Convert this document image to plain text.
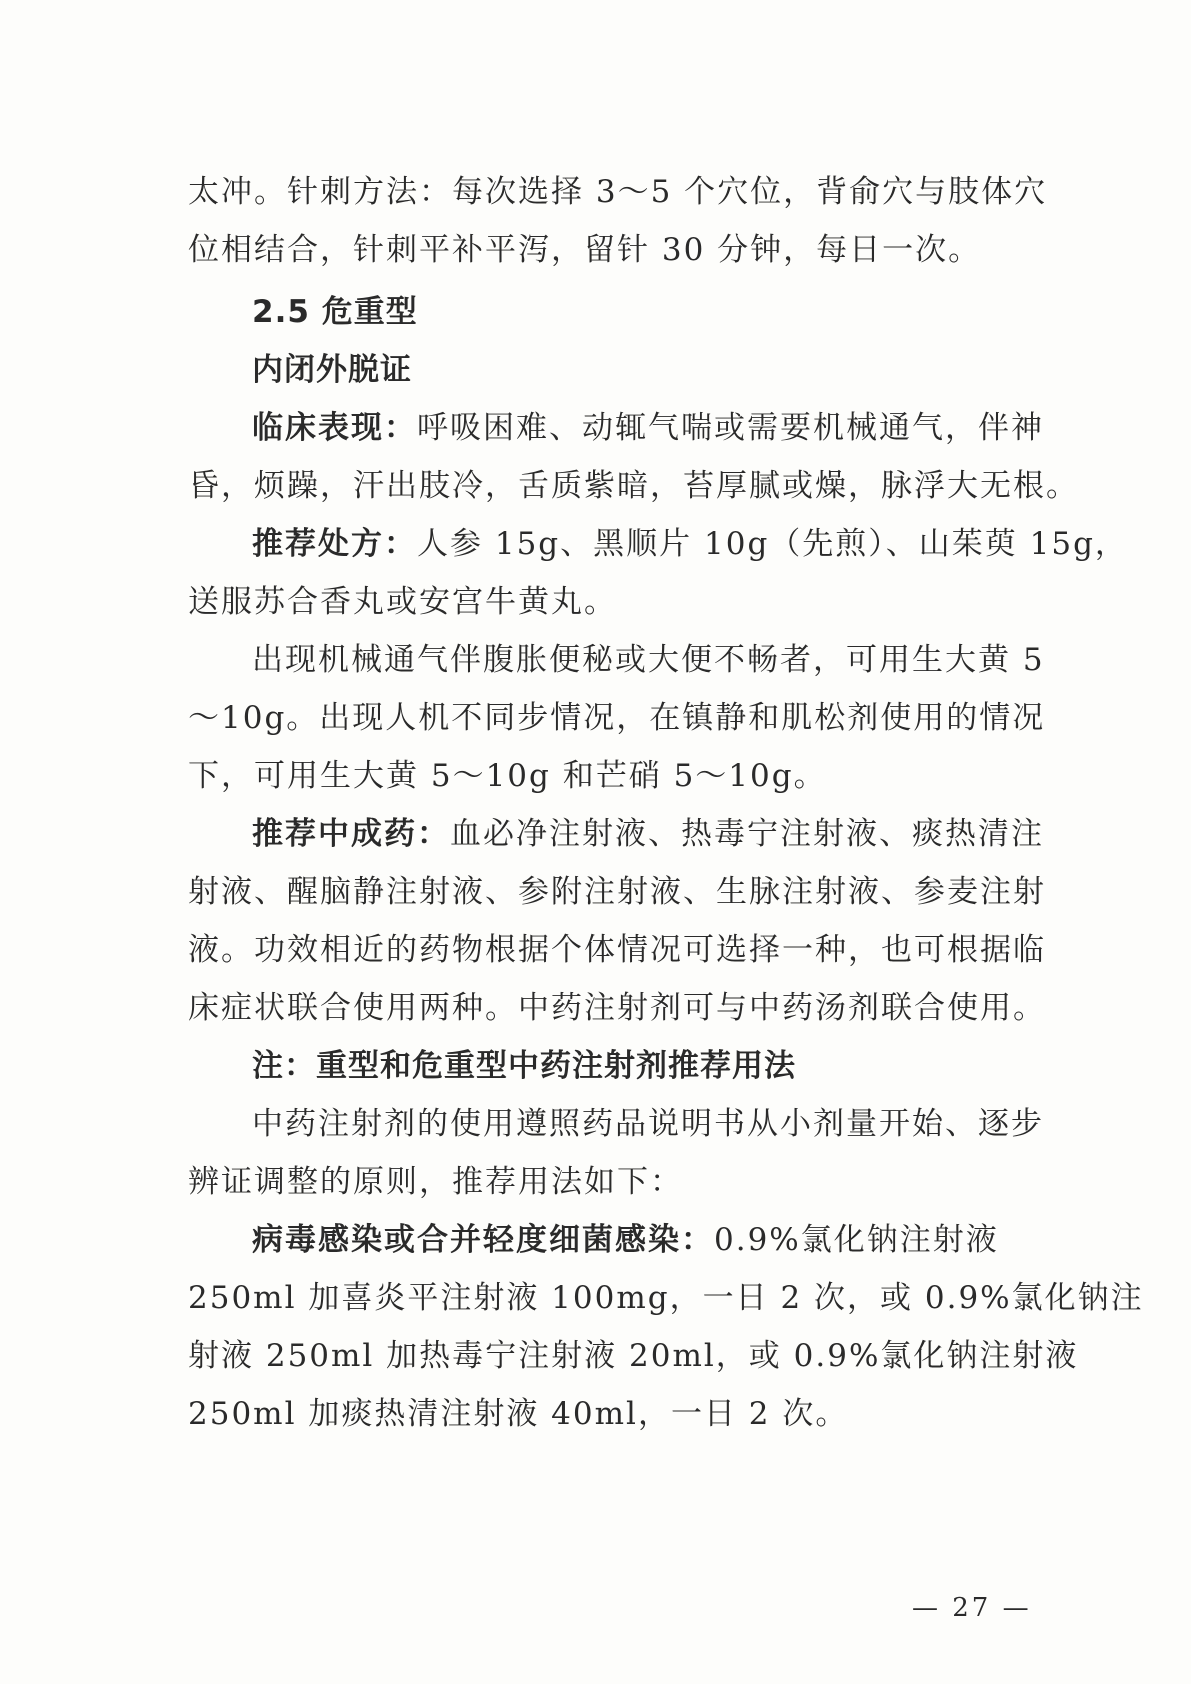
太冲。针刺方法：每次选择 3～5 个穴位，背俞穴与肢体穴
位相结合，针刺平补平泻，留针 30 分钟，每日一次。
2.5 危重型
内闭外脱证
临床表现：呼吸困难、动辄气喘或需要机械通气，伴神
昏，烦躁，汗出肢冷，舌质紫暗，苔厚腻或燥，脉浮大无根。
推荐处方：人参 15g、黑顺片 10g（先煎）、山茱萸 15g，
送服苏合香丸或安宫牛黄丸。
出现机械通气伴腹胀便秘或大便不畅者，可用生大黄 5
～10g。出现人机不同步情况，在镇静和肌松剂使用的情况
下，可用生大黄 5～10g 和芒硝 5～10g。
推荐中成药：血必净注射液、热毒宁注射液、痰热清注
射液、醒脑静注射液、参附注射液、生脉注射液、参麦注射
液。功效相近的药物根据个体情况可选择一种，也可根据临
床症状联合使用两种。中药注射剂可与中药汤剂联合使用。
注：重型和危重型中药注射剂推荐用法
中药注射剂的使用遵照药品说明书从小剂量开始、逐步
辨证调整的原则，推荐用法如下：
病毒感染或合并轻度细菌感染：0.9%氯化钠注射液
250ml 加喜炎平注射液 100mg，一日 2 次，或 0.9%氯化钠注
射液 250ml 加热毒宁注射液 20ml，或 0.9%氯化钠注射液
250ml 加痰热清注射液 40ml，一日 2 次。
— 27 —
